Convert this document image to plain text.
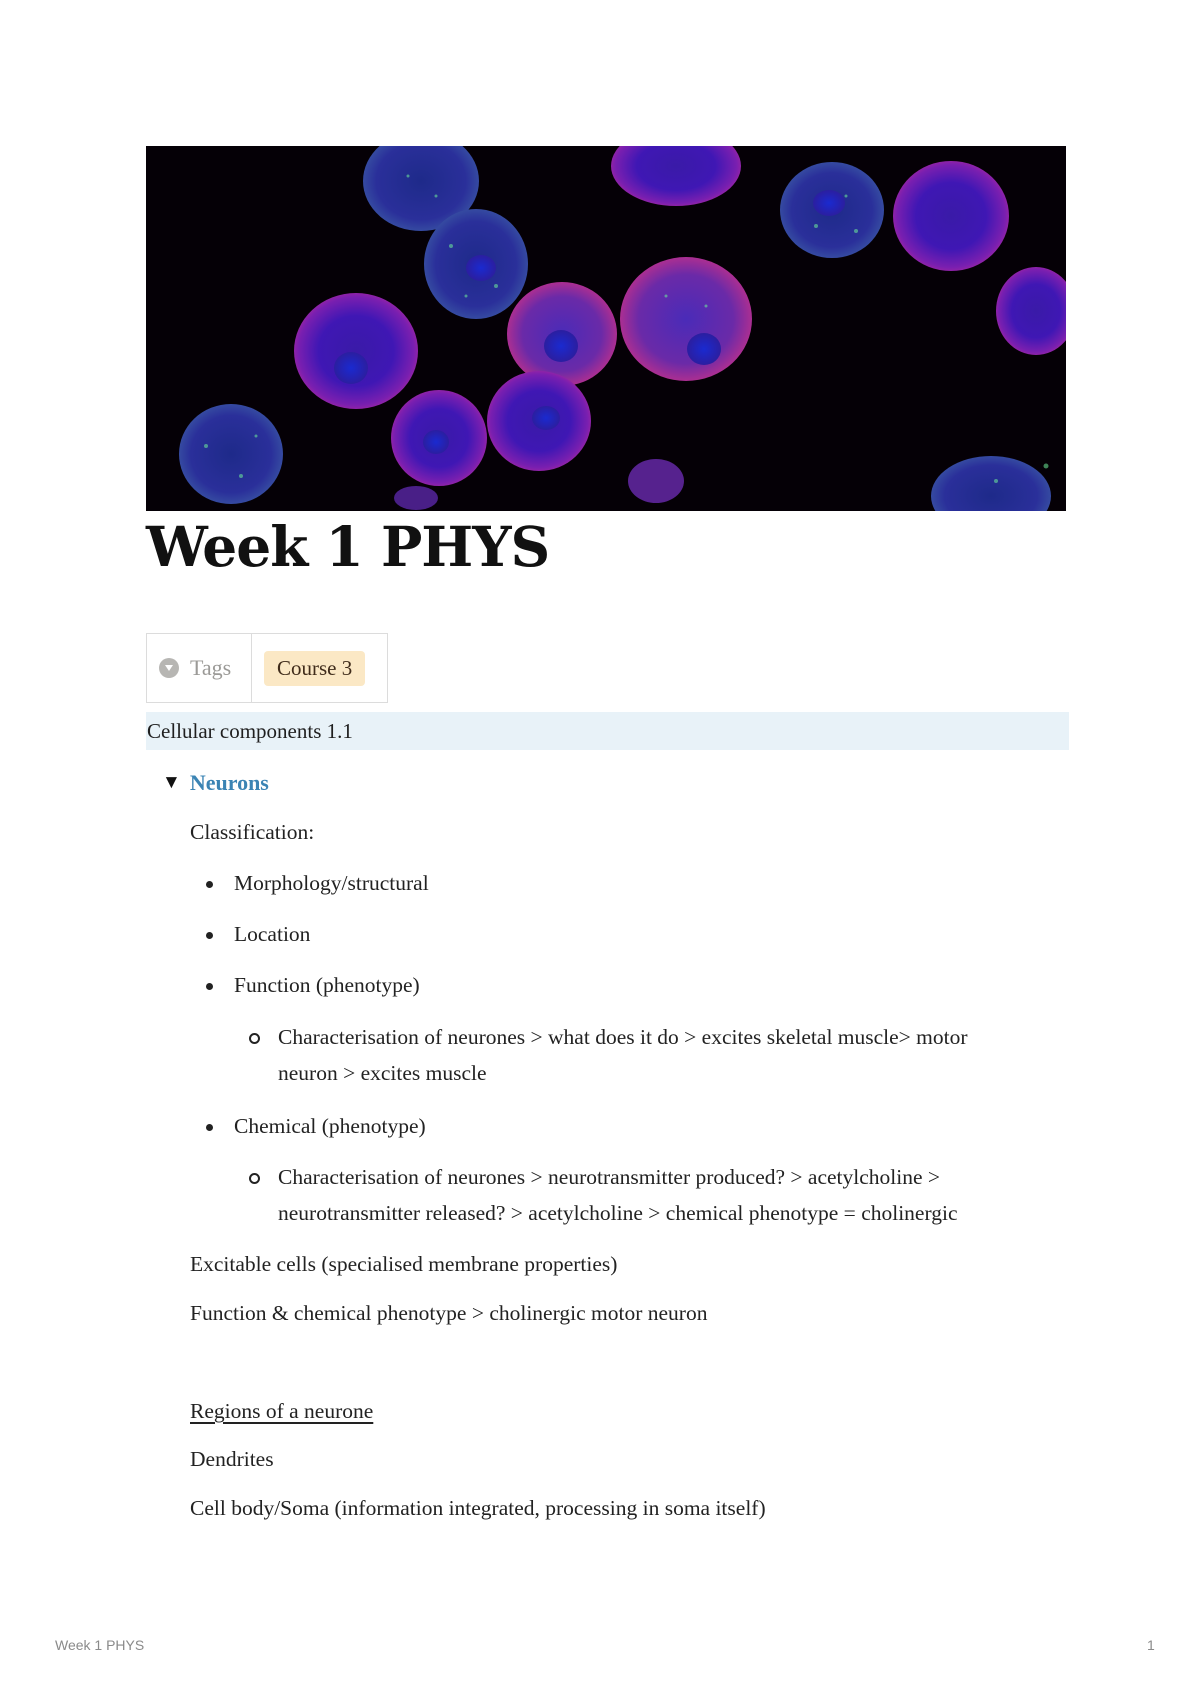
Week 1 PHYS
Tags	Course 3
Cellular components 1.1
▼ Neurons
Classification:
Morphology/structural
Location
Function (phenotype)
Characterisation of neurones > what does it do > excites skeletal muscle> motor
neuron > excites muscle
Chemical (phenotype)
Characterisation of neurones > neurotransmitter produced? > acetylcholine >
neurotransmitter released? > acetylcholine > chemical phenotype = cholinergic
Excitable cells (specialised membrane properties)
Function & chemical phenotype > cholinergic motor neuron
Regions of a neurone
Dendrites
Cell body/Soma (information integrated, processing in soma itself)
Week 1 PHYS	1
